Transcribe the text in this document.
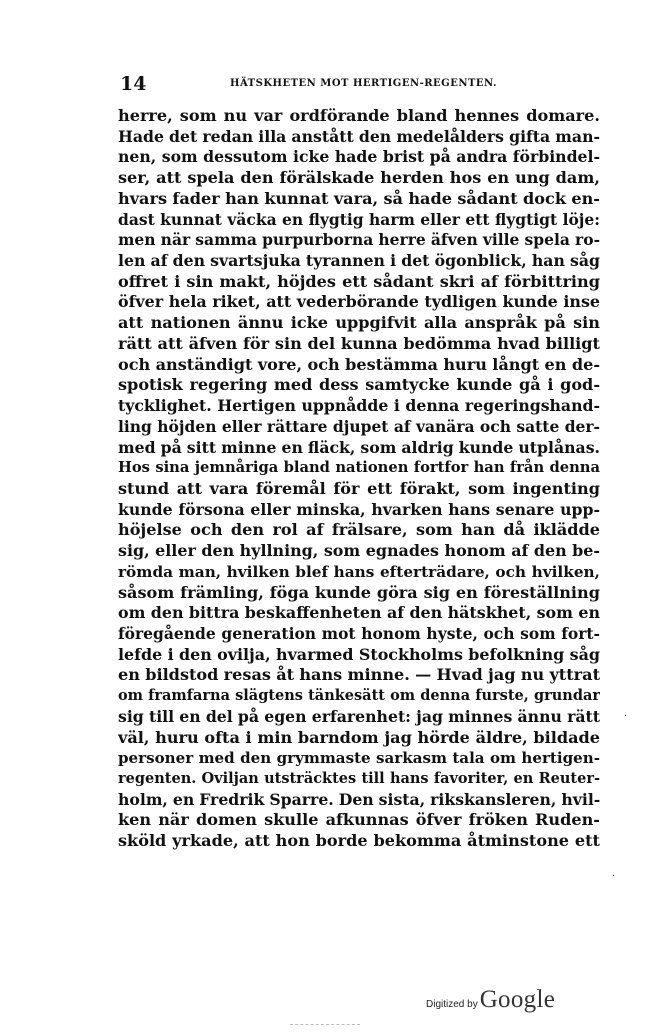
14	HÄTSKHETEN MOT HERTIGEN-REGENTEN.
herre, som nu var ordförande bland hennes domare.
Hade det redan illa anstått den medelålders gifta man-
nen, som dessutom icke hade brist på andra förbindel-
ser, att spela den förälskade herden hos en ung dam,
hvars fader han kunnat vara, så hade sådant dock en-
dast kunnat väcka en flygtig harm eller ett flygtigt löje:
men när samma purpurborna herre äfven ville spela ro-
len af den svartsjuka tyrannen i det ögonblick, han såg
offret i sin makt, höjdes ett sådant skri af förbittring
öfver hela riket, att vederbörande tydligen kunde inse
att nationen ännu icke uppgifvit alla anspråk på sin
rätt att äfven för sin del kunna bedömma hvad billigt
och anständigt vore, och bestämma huru långt en de-
spotisk regering med dess samtycke kunde gå i god-
tycklighet. Hertigen uppnådde i denna regeringshand-
ling höjden eller rättare djupet af vanära och satte der-
med på sitt minne en fläck, som aldrig kunde utplånas.
Hos sina jemnåriga bland nationen fortfor han från denna
stund att vara föremål för ett förakt, som ingenting
kunde försona eller minska, hvarken hans senare upp-
höjelse och den rol af frälsare, som han då iklädde
sig, eller den hyllning, som egnades honom af den be-
römda man, hvilken blef hans efterträdare, och hvilken,
såsom främling, föga kunde göra sig en föreställning
om den bittra beskaffenheten af den hätskhet, som en
föregående generation mot honom hyste, och som fort-
lefde i den ovilja, hvarmed Stockholms befolkning såg
en bildstod resas åt hans minne. — Hvad jag nu yttrat
om framfarna slägtens tänkesätt om denna furste, grundar
sig till en del på egen erfarenhet: jag minnes ännu rätt
väl, huru ofta i min barndom jag hörde äldre, bildade
personer med den grymmaste sarkasm tala om hertigen-
regenten. Oviljan utsträcktes till hans favoriter, en Reuter-
holm, en Fredrik Sparre. Den sista, rikskansleren, hvil-
ken när domen skulle afkunnas öfver fröken Ruden-
sköld yrkade, att hon borde bekomma åtminstone ett
·
·
Digitized by Google
